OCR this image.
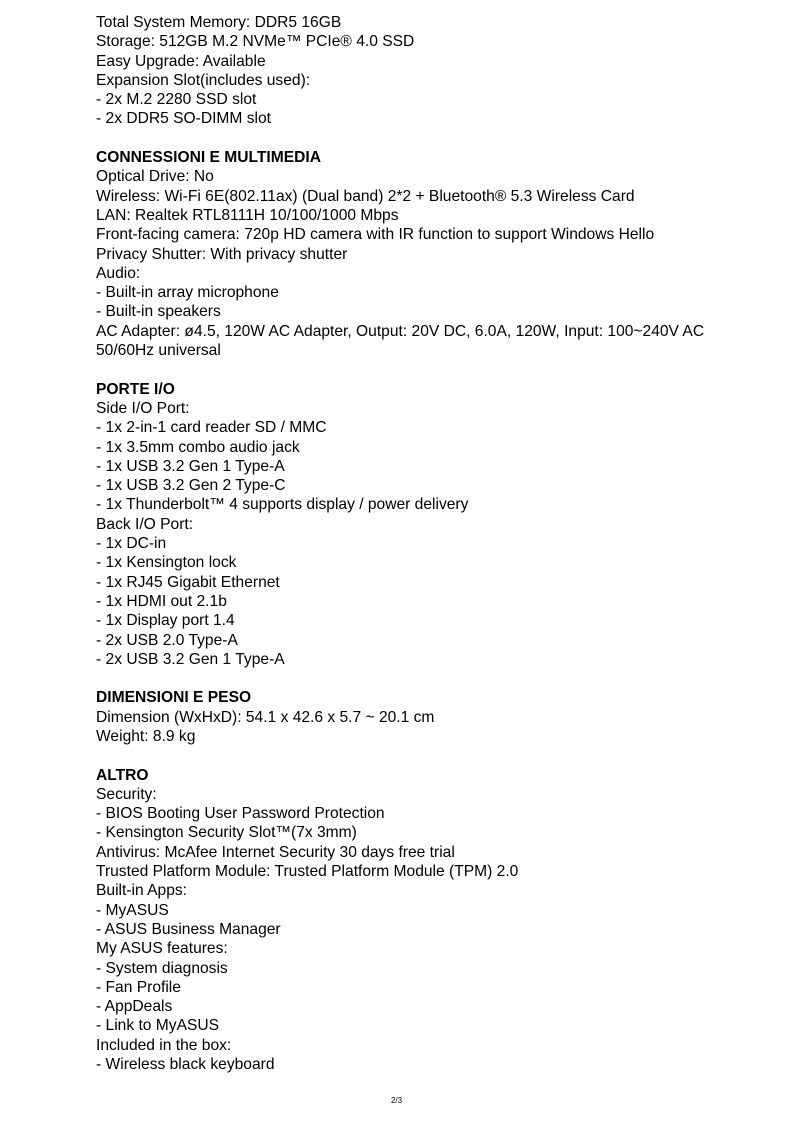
Total System Memory: DDR5 16GB

Storage: 512GB M.2 NVMe™ PCIe® 4.0 SSD

Easy Upgrade: Available

Expansion Slot(includes used):

- 2x M.2 2280 SSD slot

- 2x DDR5 SO-DIMM slot

CONNESSIONI E MULTIMEDIA

Optical Drive: No

Wireless: Wi-Fi 6E(802.11ax) (Dual band) 2*2 + Bluetooth® 5.3 Wireless Card

LAN: Realtek RTL8111H 10/100/1000 Mbps

Front-facing camera: 720p HD camera with IR function to support Windows Hello

Privacy Shutter: With privacy shutter

Audio:

- Built-in array microphone

- Built-in speakers

AC Adapter: ø4.5, 120W AC Adapter, Output: 20V DC, 6.0A, 120W, Input: 100~240V AC

50/60Hz universal

PORTE I/O

Side I/O Port:

- 1x 2-in-1 card reader SD / MMC

- 1x 3.5mm combo audio jack

- 1x USB 3.2 Gen 1 Type-A

- 1x USB 3.2 Gen 2 Type-C

- 1x Thunderbolt™ 4 supports display / power delivery

Back I/O Port:

- 1x DC-in

- 1x Kensington lock

- 1x RJ45 Gigabit Ethernet

- 1x HDMI out 2.1b

- 1x Display port 1.4

- 2x USB 2.0 Type-A

- 2x USB 3.2 Gen 1 Type-A

DIMENSIONI E PESO

Dimension (WxHxD): 54.1 x 42.6 x 5.7 ~ 20.1 cm

Weight: 8.9 kg

ALTRO

Security:

- BIOS Booting User Password Protection

- Kensington Security Slot™(7x 3mm)

Antivirus: McAfee Internet Security 30 days free trial

Trusted Platform Module: Trusted Platform Module (TPM) 2.0

Built-in Apps:

- MyASUS

- ASUS Business Manager

My ASUS features:

- System diagnosis

- Fan Profile

- AppDeals

- Link to MyASUS

Included in the box:

- Wireless black keyboard

2/3
